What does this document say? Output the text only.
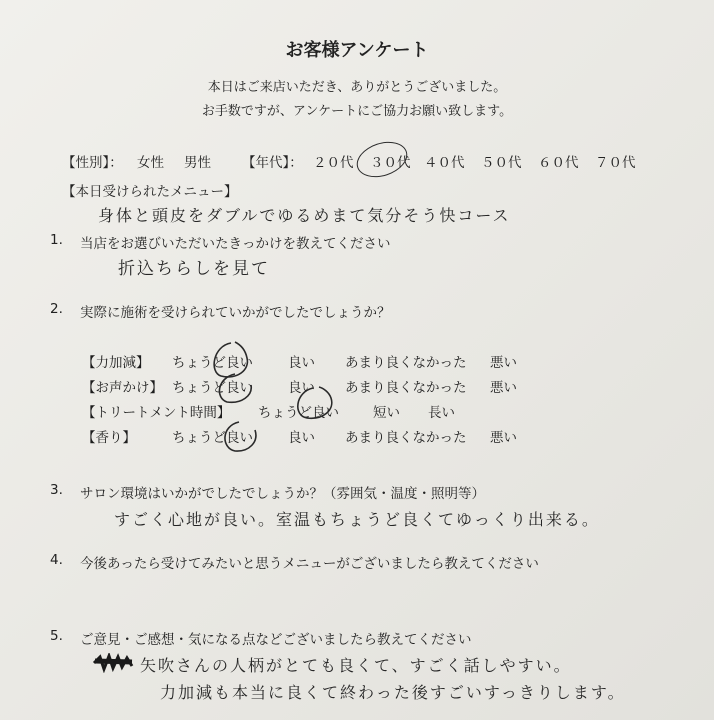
お客様アンケート
本日はご来店いただき、ありがとうございました。
お手数ですが、アンケートにご協力お願い致します。
【性別】： 女性 男性 【年代】： ２０代 ３０代 ４０代 ５０代 ６０代 ７０代
【本日受けられたメニュー】
身体と頭皮をダブルでゆるめまて気分そう快コース
1. 当店をお選びいただいたきっかけを教えてください
折込ちらしを見て
2. 実際に施術を受けられていかがでしたでしょうか？
【力加減】 ちょうど良い	良い あまり良くなかった 悪い
【お声かけ】 ちょうど良い	良い あまり良くなかった 悪い
【トリートメント時間】 ちょうど良い	短い 長い
【香り】	ちょうど良い	良い あまり良くなかった 悪い
3. サロン環境はいかがでしたでしょうか？（雰囲気・温度・照明等）
すごく心地が良い。室温もちょうど良くてゆっくり出来る。
4. 今後あったら受けてみたいと思うメニューがございましたら教えてください
5. ご意見・ご感想・気になる点などございましたら教えてください
矢吹さんの人柄がとても良くて、すごく話しやすい。
力加減も本当に良くて終わった後すごいすっきりします。
